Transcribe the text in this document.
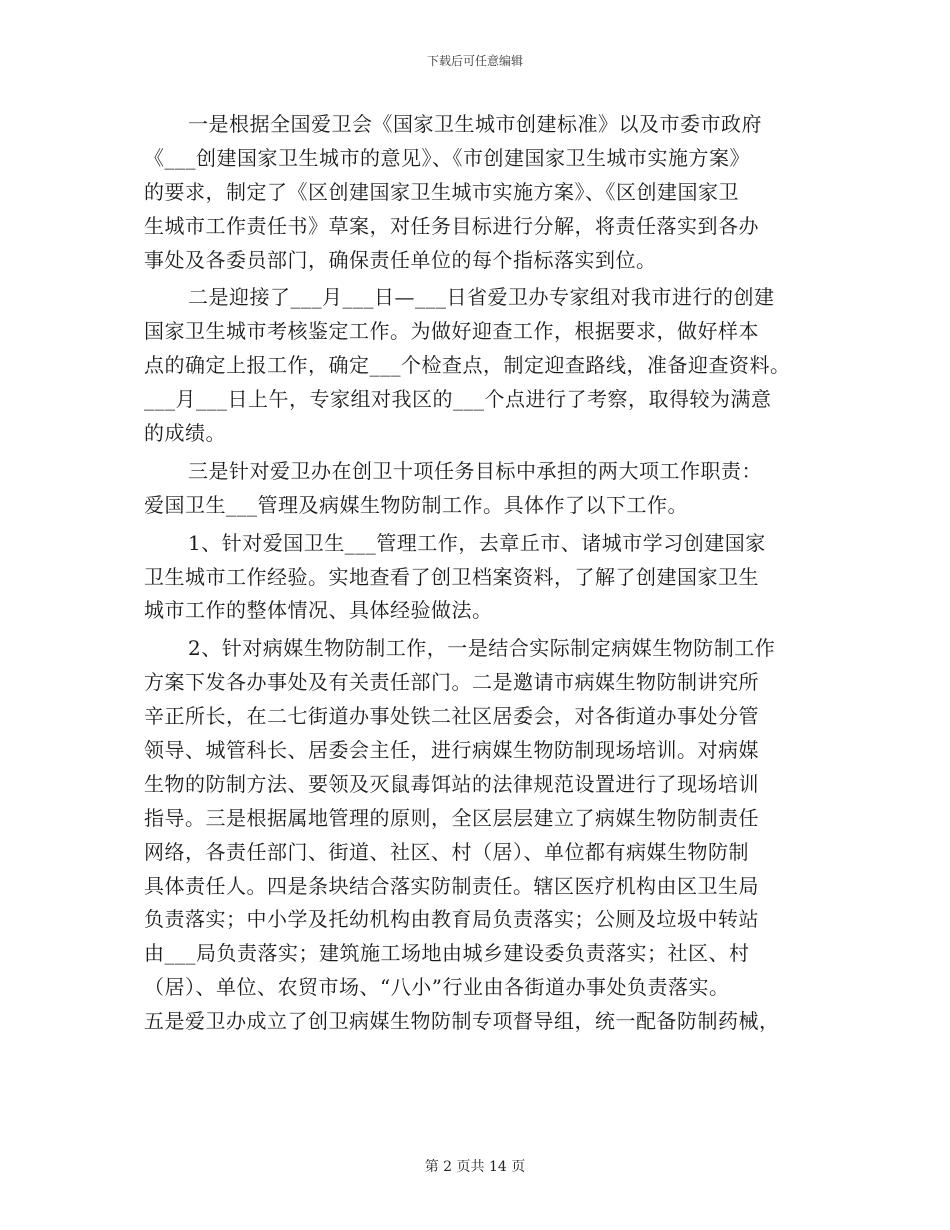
下载后可任意编辑
一是根据全国爱卫会《国家卫生城市创建标准》以及市委市政府
《___创建国家卫生城市的意见》、《市创建国家卫生城市实施方案》
的要求，制定了《区创建国家卫生城市实施方案》、《区创建国家卫
生城市工作责任书》草案，对任务目标进行分解，将责任落实到各办
事处及各委员部门，确保责任单位的每个指标落实到位。
二是迎接了___月___日—___日省爱卫办专家组对我市进行的创建
国家卫生城市考核鉴定工作。为做好迎查工作，根据要求，做好样本
点的确定上报工作，确定___个检查点，制定迎查路线，准备迎查资料。
___月___日上午，专家组对我区的___个点进行了考察，取得较为满意
的成绩。
三是针对爱卫办在创卫十项任务目标中承担的两大项工作职责：
爱国卫生___管理及病媒生物防制工作。具体作了以下工作。
1、针对爱国卫生___管理工作，去章丘市、诸城市学习创建国家
卫生城市工作经验。实地查看了创卫档案资料，了解了创建国家卫生
城市工作的整体情况、具体经验做法。
2、针对病媒生物防制工作，一是结合实际制定病媒生物防制工作
方案下发各办事处及有关责任部门。二是邀请市病媒生物防制讲究所
辛正所长，在二七街道办事处铁二社区居委会，对各街道办事处分管
领导、城管科长、居委会主任，进行病媒生物防制现场培训。对病媒
生物的防制方法、要领及灭鼠毒饵站的法律规范设置进行了现场培训
指导。三是根据属地管理的原则，全区层层建立了病媒生物防制责任
网络，各责任部门、街道、社区、村（居）、单位都有病媒生物防制
具体责任人。四是条块结合落实防制责任。辖区医疗机构由区卫生局
负责落实；中小学及托幼机构由教育局负责落实；公厕及垃圾中转站
由___局负责落实；建筑施工场地由城乡建设委负责落实；社区、村
（居）、单位、农贸市场、“八小”行业由各街道办事处负责落实。
五是爱卫办成立了创卫病媒生物防制专项督导组，统一配备防制药械，
第 2 页共 14 页
